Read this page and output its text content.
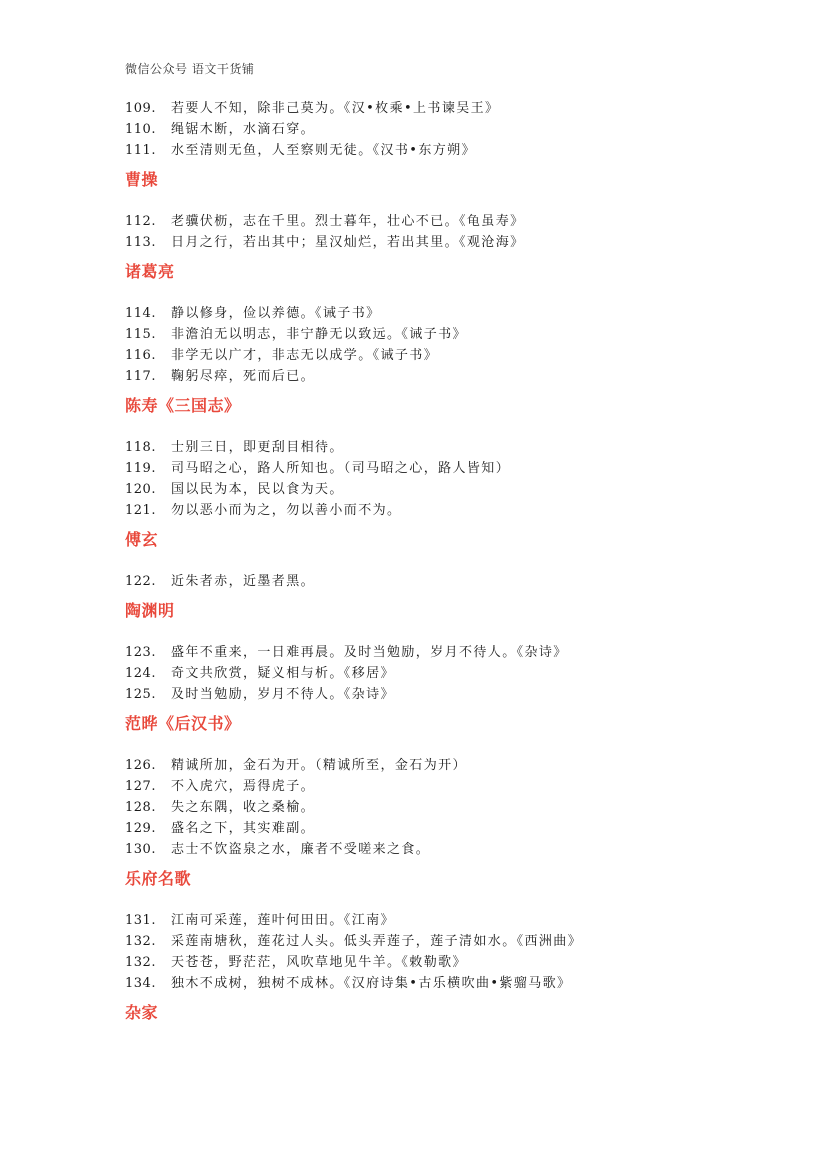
微信公众号 语文干货铺
109. 若要人不知，除非己莫为。《汉•枚乘•上书谏吴王》
110. 绳锯木断，水滴石穿。
111. 水至清则无鱼，人至察则无徒。《汉书•东方朔》
曹操
112. 老骥伏枥，志在千里。烈士暮年，壮心不已。《龟虽寿》
113. 日月之行，若出其中；星汉灿烂，若出其里。《观沧海》
诸葛亮
114. 静以修身，俭以养德。《诫子书》
115. 非澹泊无以明志，非宁静无以致远。《诫子书》
116. 非学无以广才，非志无以成学。《诫子书》
117. 鞠躬尽瘁，死而后已。
陈寿《三国志》
118. 士别三日，即更刮目相待。
119. 司马昭之心，路人所知也。（司马昭之心，路人皆知）
120. 国以民为本，民以食为天。
121. 勿以恶小而为之，勿以善小而不为。
傅玄
122. 近朱者赤，近墨者黑。
陶渊明
123. 盛年不重来，一日难再晨。及时当勉励，岁月不待人。《杂诗》
124. 奇文共欣赏，疑义相与析。《移居》
125. 及时当勉励，岁月不待人。《杂诗》
范晔《后汉书》
126. 精诚所加，金石为开。（精诚所至，金石为开）
127. 不入虎穴，焉得虎子。
128. 失之东隅，收之桑榆。
129. 盛名之下，其实难副。
130. 志士不饮盗泉之水，廉者不受嗟来之食。
乐府名歌
131. 江南可采莲，莲叶何田田。《江南》
132. 采莲南塘秋，莲花过人头。低头弄莲子，莲子清如水。《西洲曲》
132. 天苍苍，野茫茫，风吹草地见牛羊。《敕勒歌》
134. 独木不成树，独树不成林。《汉府诗集•古乐横吹曲•紫骝马歌》
杂家
